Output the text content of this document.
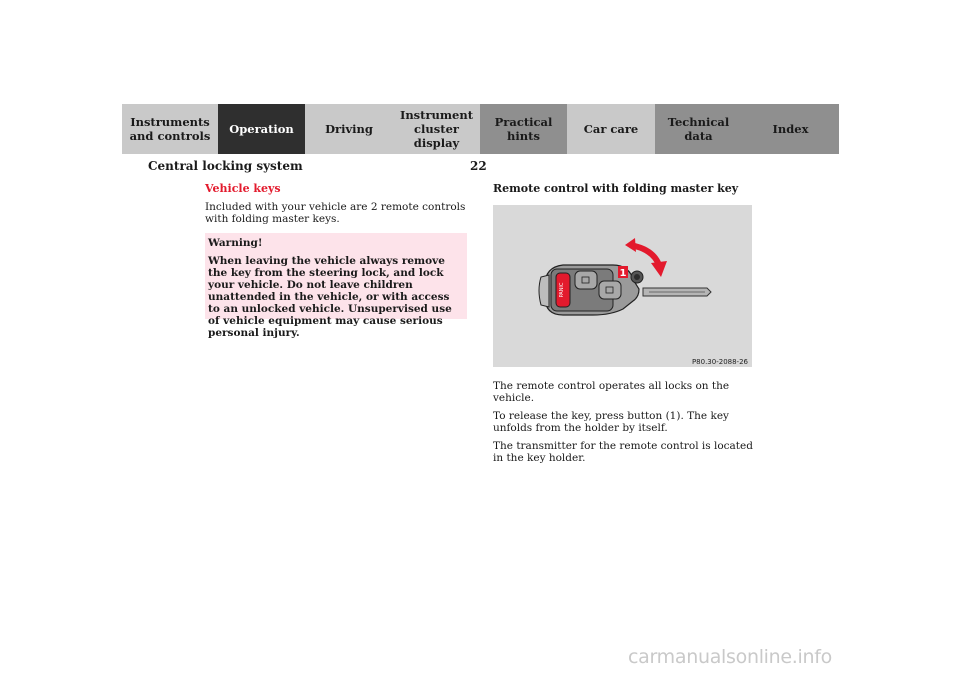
Instruments
and controls Operation	Driving
Instrument
cluster display
Practical hints	Car care	Technical
data	Index
Central locking system	22
Vehicle keys

Included with your vehicle are 2 remote controls with folding master keys.

Warning!
When leaving the vehicle always remove the key from the steering lock, and lock your vehicle. Do not leave children unattended in the vehicle, or with access to an unlocked vehicle. Unsupervised use of vehicle equipment may cause serious personal injury.
Remote control with folding master key
PANIC
1
P80.30-2088-26

The remote control operates all locks on the vehicle.

To release the key, press button (1). The key unfolds from the holder by itself.

The transmitter for the remote control is located in the key holder.

carmanualsonline.info
